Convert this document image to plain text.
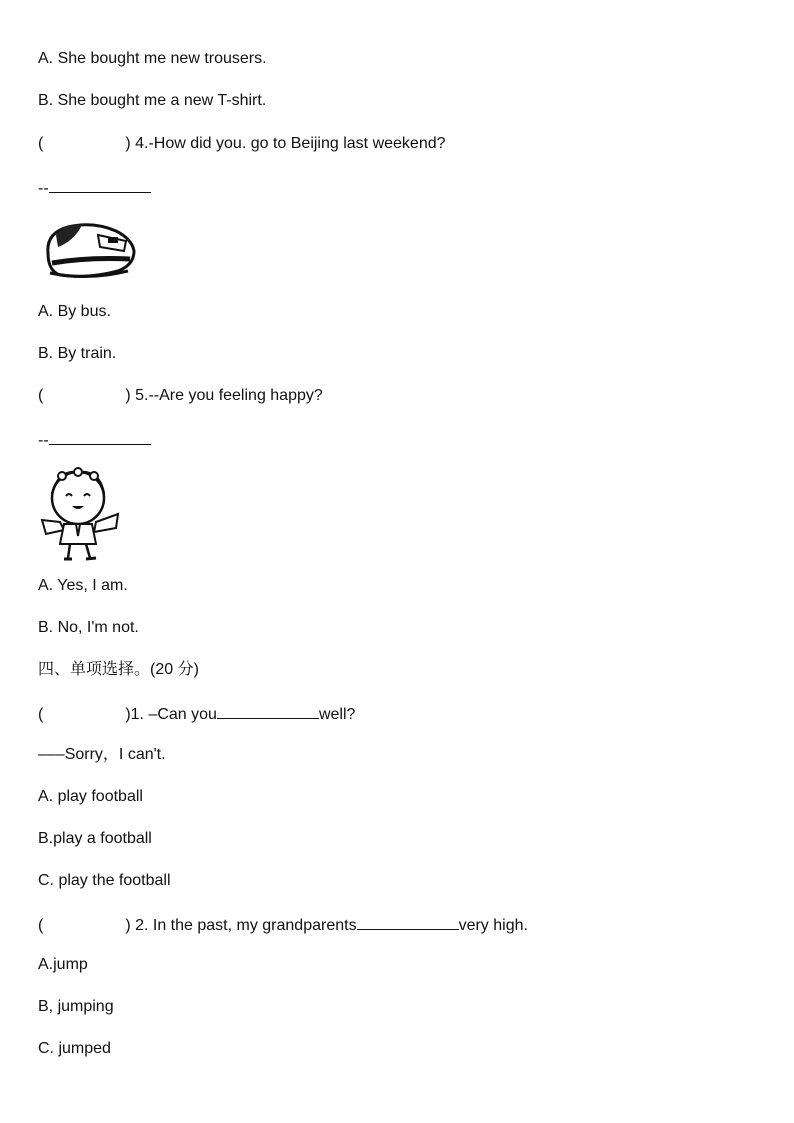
A. She bought me new trousers.
B. She bought me a new T-shirt.
(	) 4.-How did you. go to Beijing last weekend?
--
A. By bus.
B. By train.
(	) 5.--Are you feeling happy?
--
A. Yes, I am.
B. No, I'm not.
四、单项选择。(20 分)
(	)1. –Can you	well?
–––Sorry，I can't.
A. play football
B.play a football
C. play the football
(	) 2. In the past, my grandparents	very high.
A.jump
B, jumping
C. jumped
